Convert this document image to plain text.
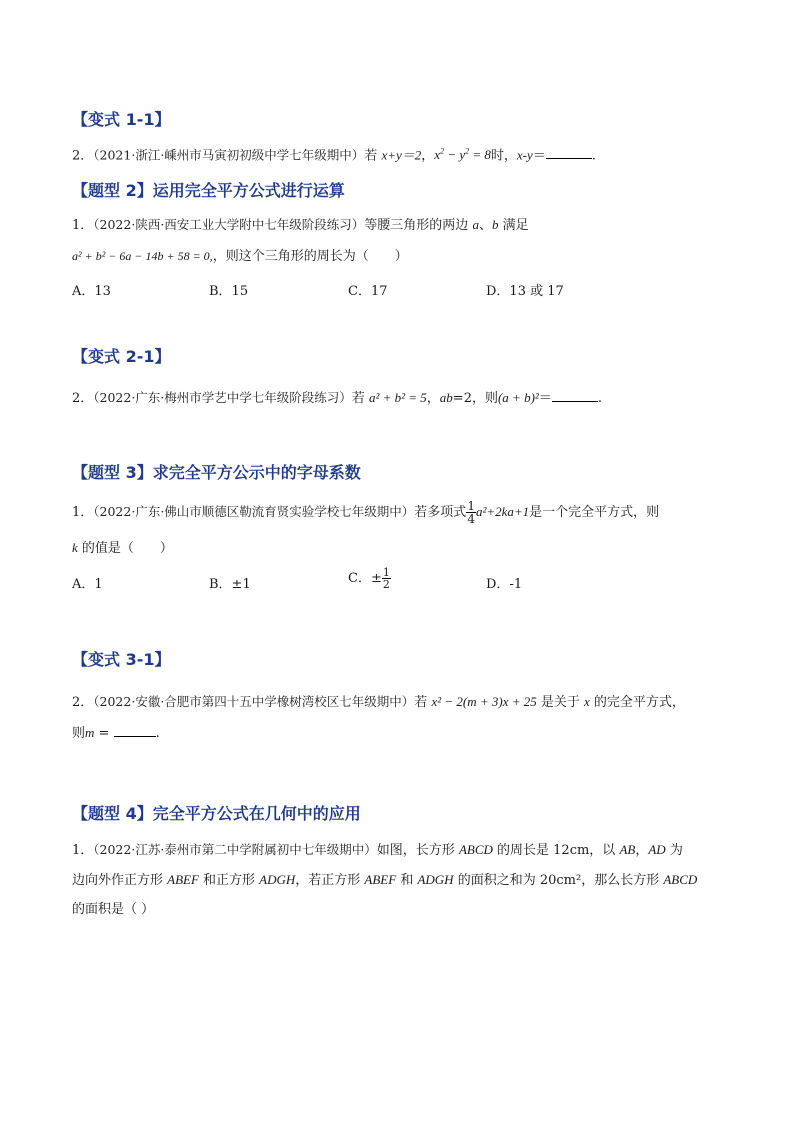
【变式 1-1】
2．（2021·浙江·嵊州市马寅初初级中学七年级期中）若 x+y＝2，$x^2 - y^2 = 8$时，x-y＝	.
【题型 2】运用完全平方公式进行运算
1．（2022·陕西·西安工业大学附中七年级阶段练习）等腰三角形的两边 a、b 满足
a² + b² − 6a − 14b + 58 = 0,，则这个三角形的周长为（　　）
A．13	B．15	C．17	D．13 或 17
【变式 2-1】
2．（2022·广东·梅州市学艺中学七年级阶段练习）若 a² + b² = 5，ab=2，则(a + b)²＝	.
【题型 3】求完全平方公示中的字母系数
1．（2022·广东·佛山市顺德区勒流育贤实验学校七年级期中）若多项式 $\frac{1}{4} a^2+2ka+1$是一个完全平方式，则
k 的值是（　　）
A．1	B．±1	C．± $\frac{1}{2}$	D．-1
【变式 3-1】
2．（2022·安徽·合肥市第四十五中学橡树湾校区七年级期中）若 x² − 2(m + 3)x + 25 是关于 x 的完全平方式，
则m =	.
【题型 4】完全平方公式在几何中的应用
1．（2022·江苏·泰州市第二中学附属初中七年级期中）如图，长方形 ABCD 的周长是 12cm，以 AB，AD 为
边向外作正方形 ABEF 和正方形 ADGH，若正方形 ABEF 和 ADGH 的面积之和为 20cm²，那么长方形 ABCD
的面积是（ ）
